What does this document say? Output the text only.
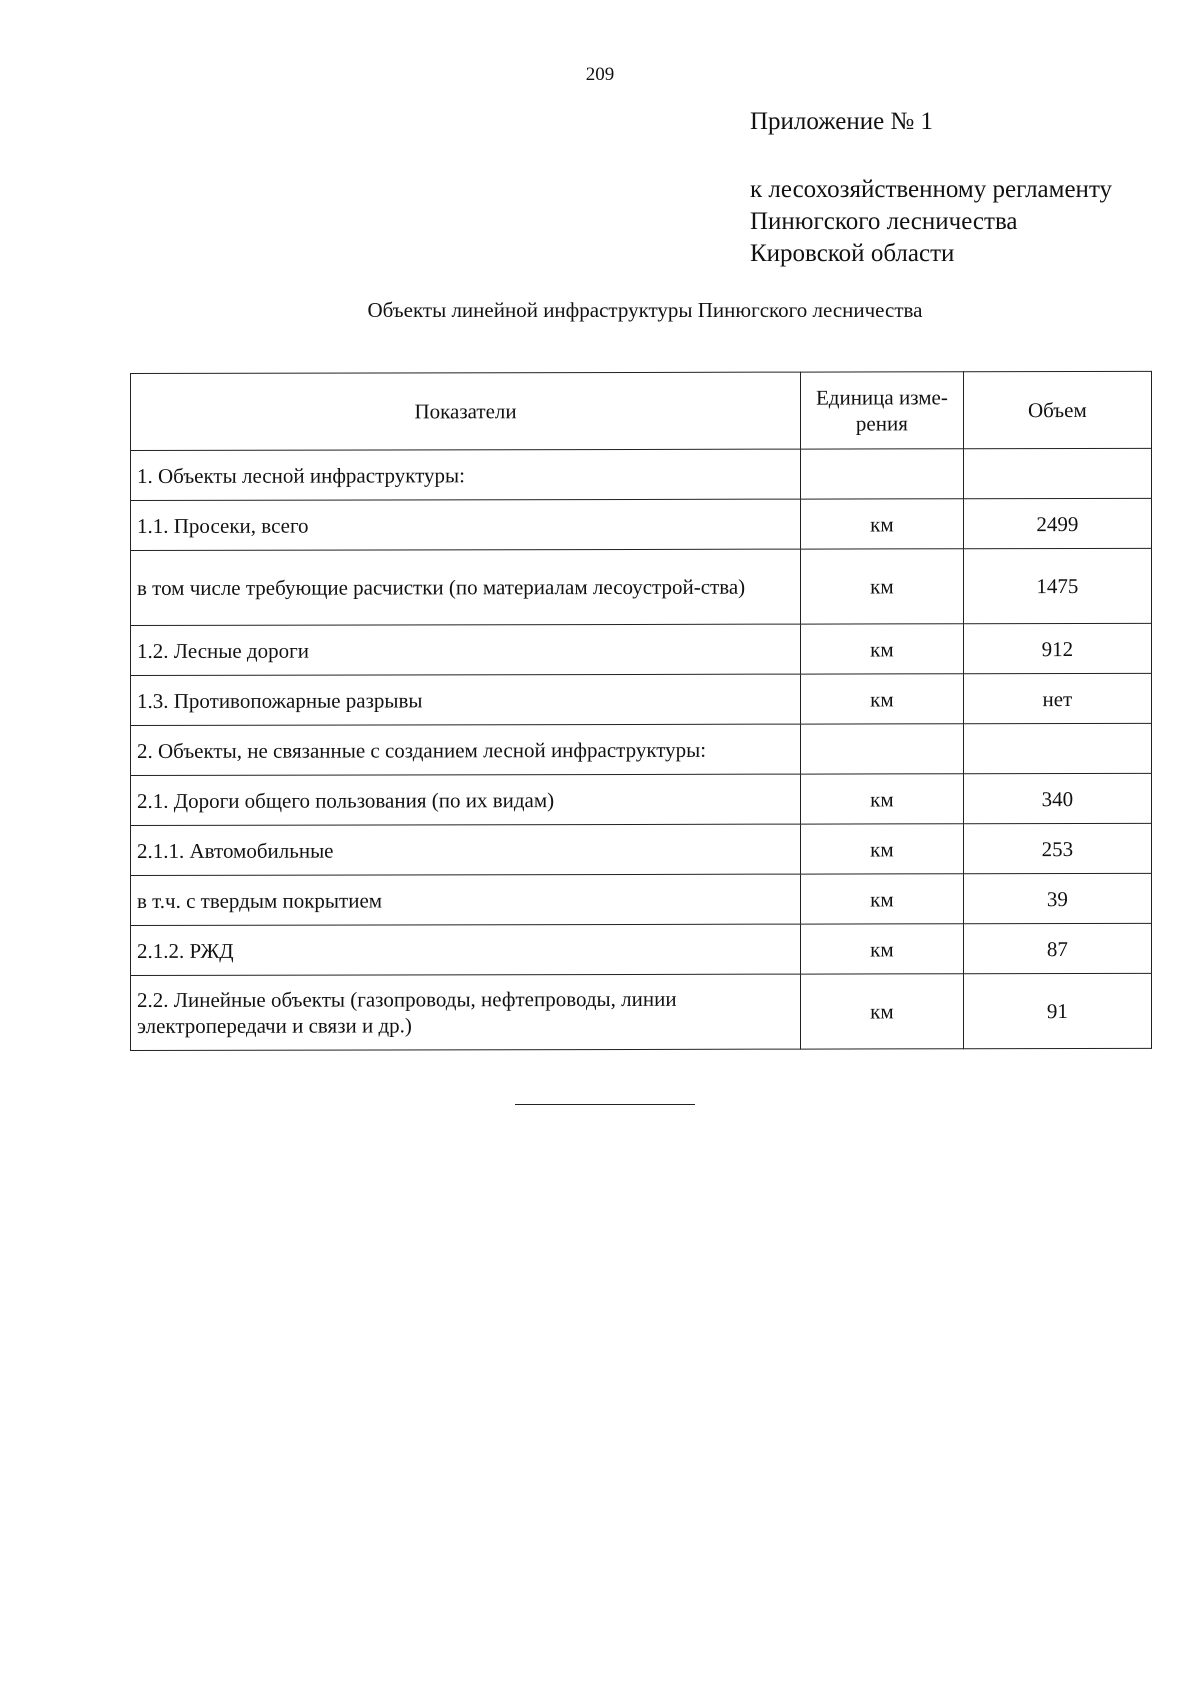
209
Приложение № 1
к лесохозяйственному регламенту
Пинюгского лесничества
Кировской области
Объекты линейной инфраструктуры Пинюгского лесничества
Показатели	Единица изме-рения	Объем
1. Объекты лесной инфраструктуры:		
1.1. Просеки, всего	км	2499
в том числе требующие расчистки (по материалам лесоустрой-ства)	км	1475
1.2. Лесные дороги	км	912
1.3. Противопожарные разрывы	км	нет
2. Объекты, не связанные с созданием лесной инфраструктуры:		
2.1. Дороги общего пользования (по их видам)	км	340
2.1.1. Автомобильные	км	253
в т.ч. с твердым покрытием	км	39
2.1.2. РЖД	км	87
2.2. Линейные объекты (газопроводы, нефтепроводы, линии электропередачи и связи и др.)	км	91
